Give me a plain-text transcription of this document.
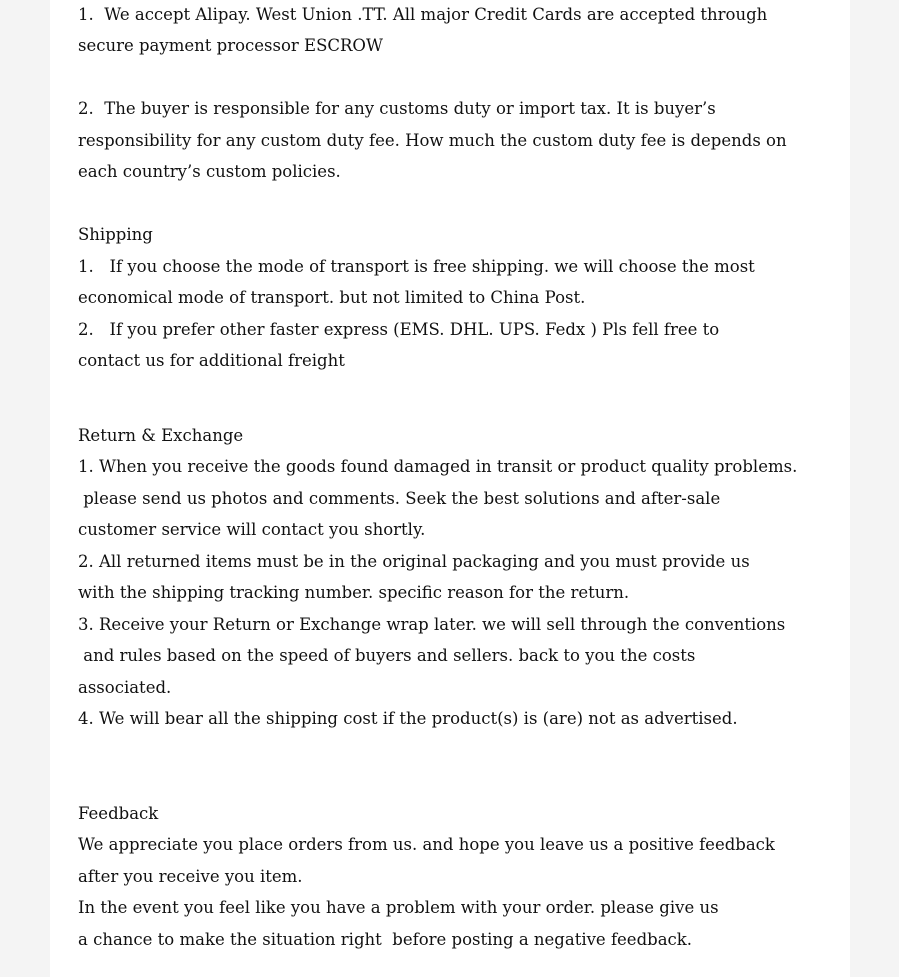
1.  We accept Alipay. West Union .TT. All major Credit Cards are accepted through

secure payment processor ESCROW

2.  The buyer is responsible for any customs duty or import tax. It is buyer’s

responsibility for any custom duty fee. How much the custom duty fee is depends on

each country’s custom policies.

Shipping

1.   If you choose the mode of transport is free shipping. we will choose the most

economical mode of transport. but not limited to China Post.

2.   If you prefer other faster express (EMS. DHL. UPS. Fedx ) Pls fell free to

contact us for additional freight

Return & Exchange

1. When you receive the goods found damaged in transit or product quality problems.

please send us photos and comments. Seek the best solutions and after-sale

customer service will contact you shortly.

2. All returned items must be in the original packaging and you must provide us

with the shipping tracking number. specific reason for the return.

3. Receive your Return or Exchange wrap later. we will sell through the conventions

and rules based on the speed of buyers and sellers. back to you the costs

associated.

4. We will bear all the shipping cost if the product(s) is (are) not as advertised.

Feedback

We appreciate you place orders from us. and hope you leave us a positive feedback

after you receive you item.

In the event you feel like you have a problem with your order. please give us

a chance to make the situation right  before posting a negative feedback.
